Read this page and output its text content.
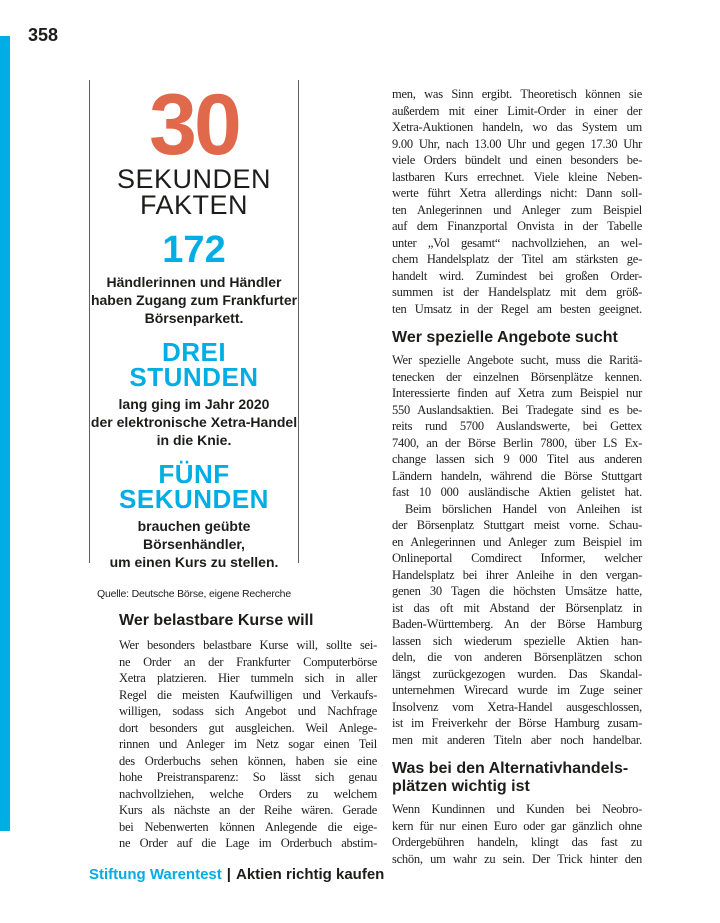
358
30
SEKUNDEN
FAKTEN
172
Händlerinnen und Händler
haben Zugang zum Frankfurter
Börsenparkett.
DREI
STUNDEN
lang ging im Jahr 2020
der elektronische Xetra-Handel
in die Knie.
FÜNF
SEKUNDEN
brauchen geübte
Börsenhändler,
um einen Kurs zu stellen.
Quelle: Deutsche Börse, eigene Recherche
Wer belastbare Kurse will
Wer besonders belastbare Kurse will, sollte sei-
ne Order an der Frankfurter Computerbörse
Xetra platzieren. Hier tummeln sich in aller
Regel die meisten Kaufwilligen und Verkaufs-
willigen, sodass sich Angebot und Nachfrage
dort besonders gut ausgleichen. Weil Anlege-
rinnen und Anleger im Netz sogar einen Teil
des Orderbuchs sehen können, haben sie eine
hohe Preistransparenz: So lässt sich genau
nachvollziehen, welche Orders zu welchem
Kurs als nächste an der Reihe wären. Gerade
bei Nebenwerten können Anlegende die eige-
ne Order auf die Lage im Orderbuch abstim-
men, was Sinn ergibt. Theoretisch können sie
außerdem mit einer Limit-Order in einer der
Xetra-Auktionen handeln, wo das System um
9.00 Uhr, nach 13.00 Uhr und gegen 17.30 Uhr
viele Orders bündelt und einen besonders be-
lastbaren Kurs errechnet. Viele kleine Neben-
werte führt Xetra allerdings nicht: Dann soll-
ten Anlegerinnen und Anleger zum Beispiel
auf dem Finanzportal Onvista in der Tabelle
unter „Vol gesamt“ nachvollziehen, an wel-
chem Handelsplatz der Titel am stärksten ge-
handelt wird. Zumindest bei großen Order-
summen ist der Handelsplatz mit dem größ-
ten Umsatz in der Regel am besten geeignet.
Wer spezielle Angebote sucht
Wer spezielle Angebote sucht, muss die Raritä-
tenecken der einzelnen Börsenplätze kennen.
Interessierte finden auf Xetra zum Beispiel nur
550 Auslandsaktien. Bei Tradegate sind es be-
reits rund 5700 Auslandswerte, bei Gettex
7400, an der Börse Berlin 7800, über LS Ex-
change lassen sich 9 000 Titel aus anderen
Ländern handeln, während die Börse Stuttgart
fast 10 000 ausländische Aktien gelistet hat.
Beim börslichen Handel von Anleihen ist
der Börsenplatz Stuttgart meist vorne. Schau-
en Anlegerinnen und Anleger zum Beispiel im
Onlineportal Comdirect Informer, welcher
Handelsplatz bei ihrer Anleihe in den vergan-
genen 30 Tagen die höchsten Umsätze hatte,
ist das oft mit Abstand der Börsenplatz in
Baden-Württemberg. An der Börse Hamburg
lassen sich wiederum spezielle Aktien han-
deln, die von anderen Börsenplätzen schon
längst zurückgezogen wurden. Das Skandal-
unternehmen Wirecard wurde im Zuge seiner
Insolvenz vom Xetra-Handel ausgeschlossen,
ist im Freiverkehr der Börse Hamburg zusam-
men mit anderen Titeln aber noch handelbar.
Was bei den Alternativhandels-
plätzen wichtig ist
Wenn Kundinnen und Kunden bei Neobro-
kern für nur einen Euro oder gar gänzlich ohne
Ordergebühren handeln, klingt das fast zu
schön, um wahr zu sein. Der Trick hinter den
Stiftung Warentest | Aktien richtig kaufen
